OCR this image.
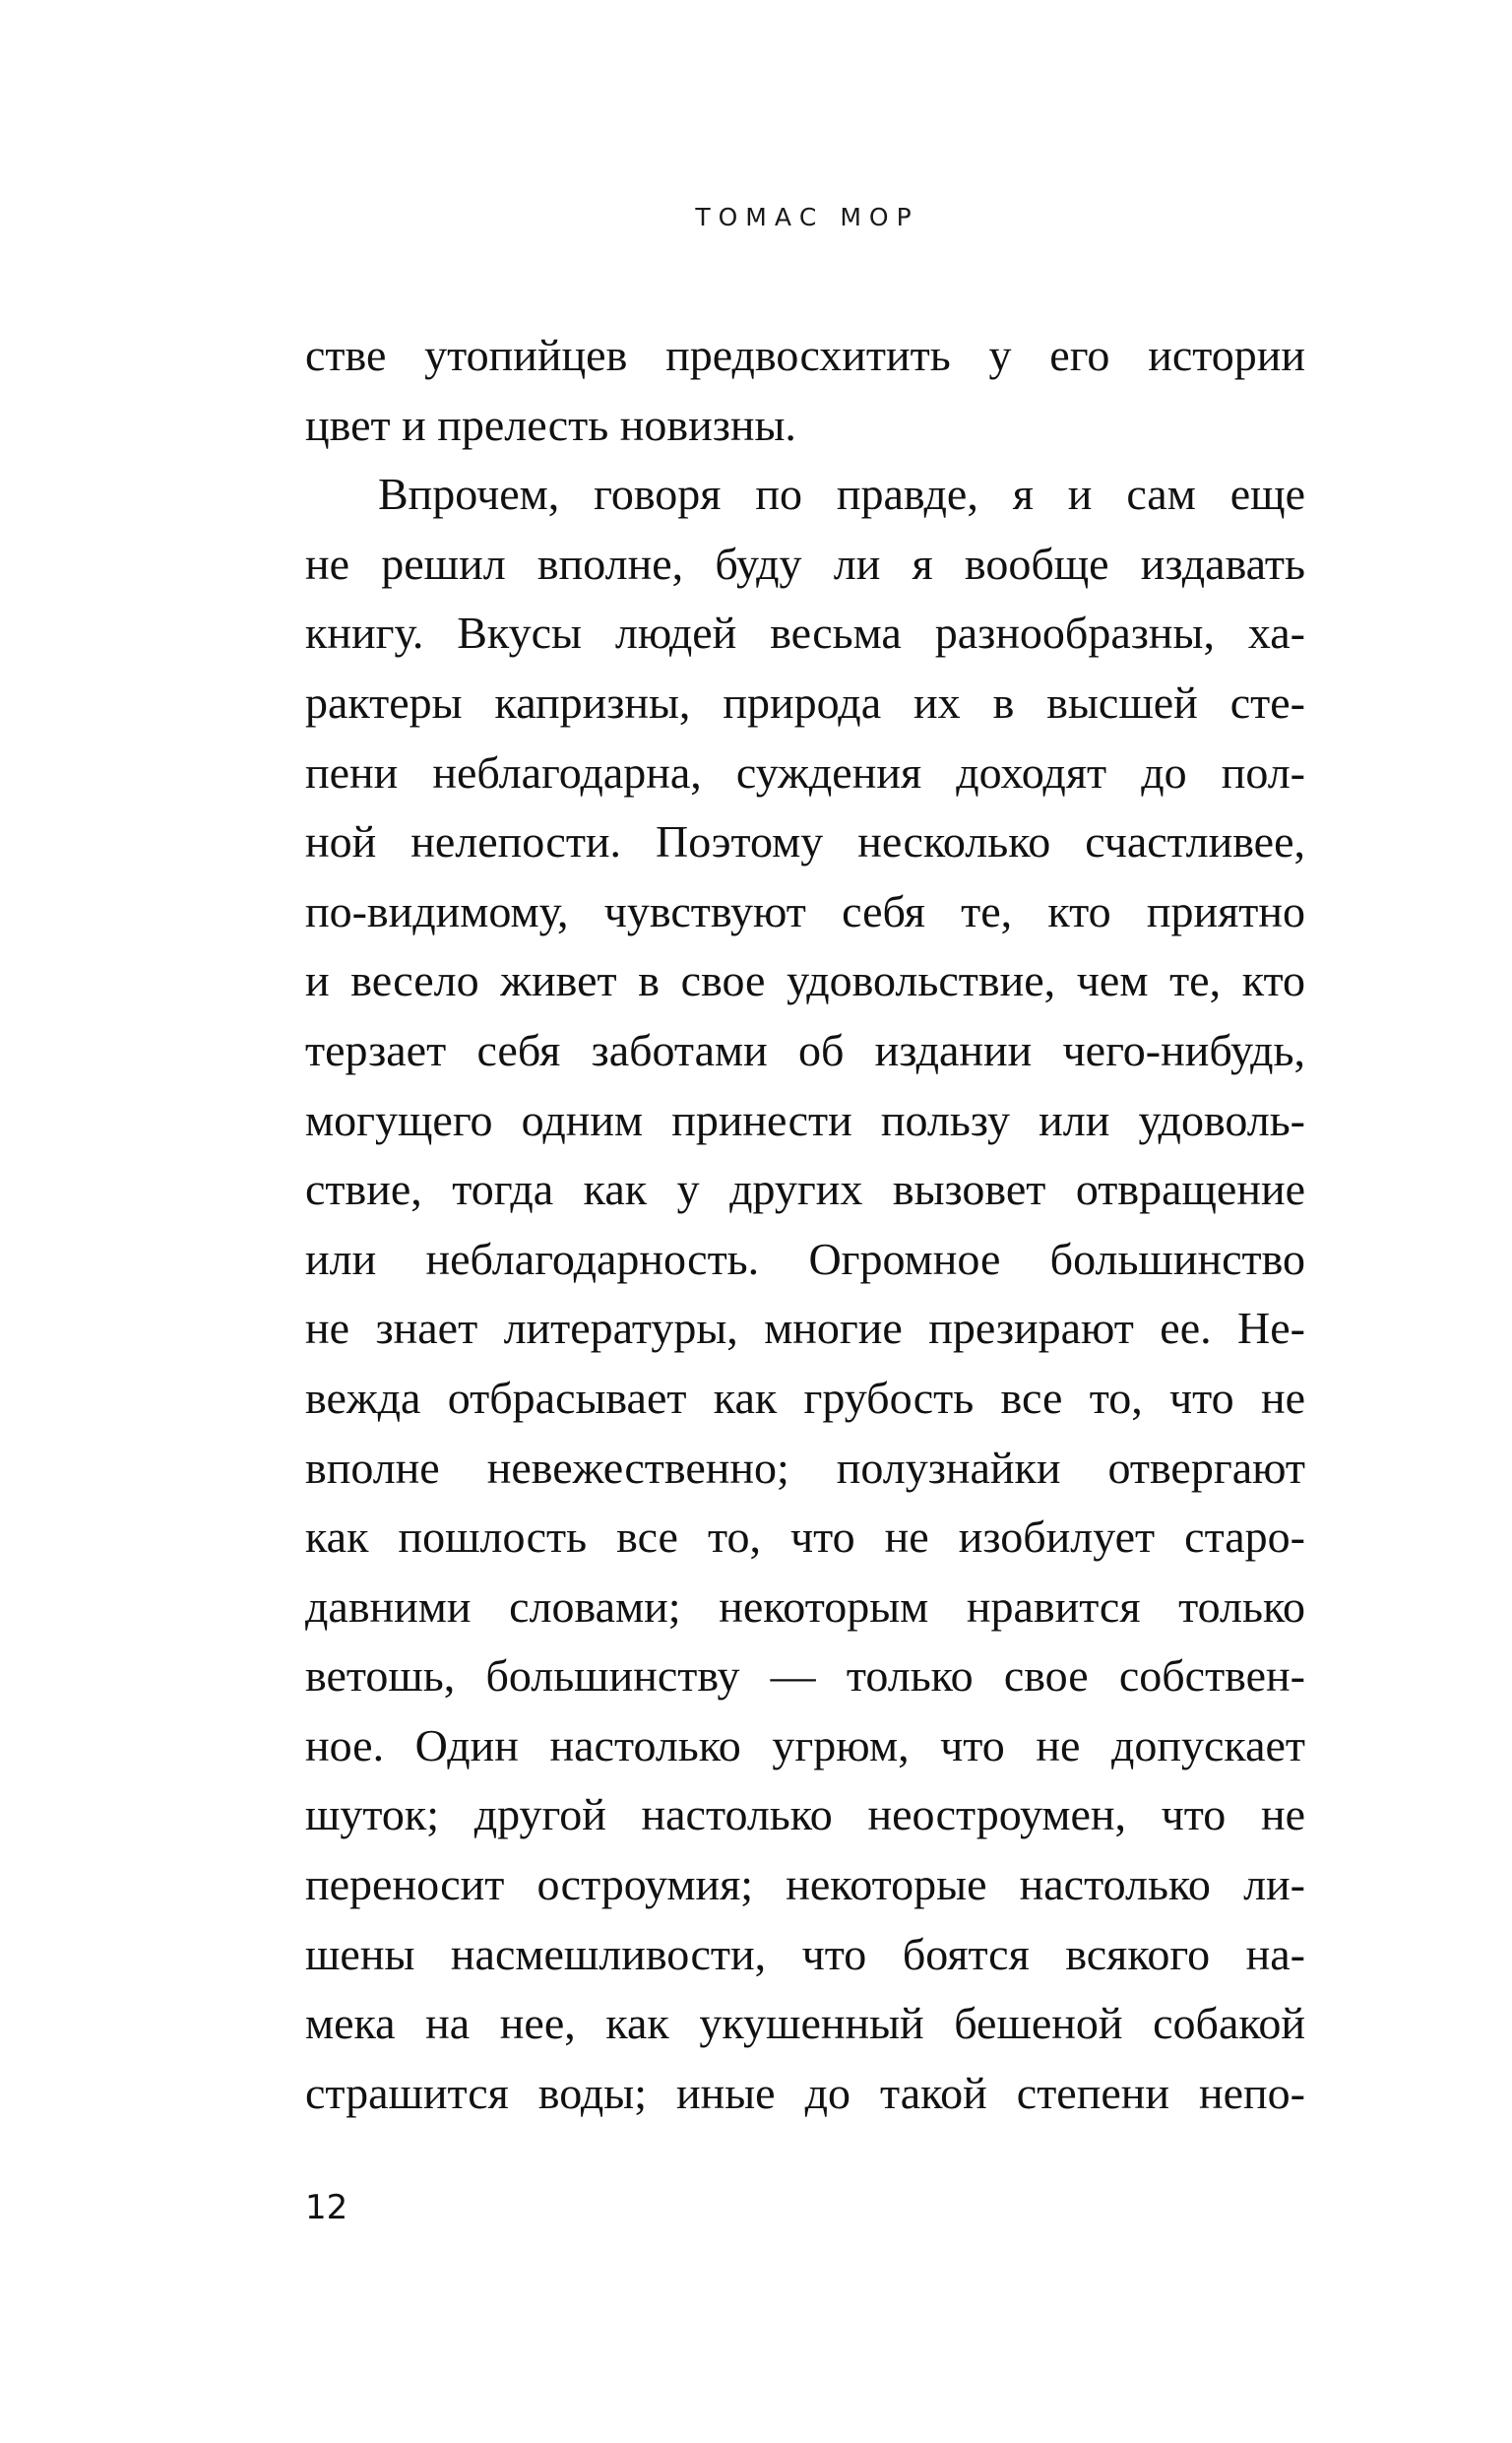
ТОМАС МОР
стве утопийцев предвосхитить у его истории
цвет и прелесть новизны.
Впрочем, говоря по правде, я и сам еще
не решил вполне, буду ли я вообще издавать
книгу. Вкусы людей весьма разнообразны, ха-
рактеры капризны, природа их в высшей сте-
пени неблагодарна, суждения доходят до пол-
ной нелепости. Поэтому несколько счастливее,
по-видимому, чувствуют себя те, кто приятно
и весело живет в свое удовольствие, чем те, кто
терзает себя заботами об издании чего-нибудь,
могущего одним принести пользу или удоволь-
ствие, тогда как у других вызовет отвращение
или неблагодарность. Огромное большинство
не знает литературы, многие презирают ее. Не-
вежда отбрасывает как грубость все то, что не
вполне невежественно; полузнайки отвергают
как пошлость все то, что не изобилует старо-
давними словами; некоторым нравится только
ветошь, большинству — только свое собствен-
ное. Один настолько угрюм, что не допускает
шуток; другой настолько неостроумен, что не
переносит остроумия; некоторые настолько ли-
шены насмешливости, что боятся всякого на-
мека на нее, как укушенный бешеной собакой
страшится воды; иные до такой степени непо-
12
